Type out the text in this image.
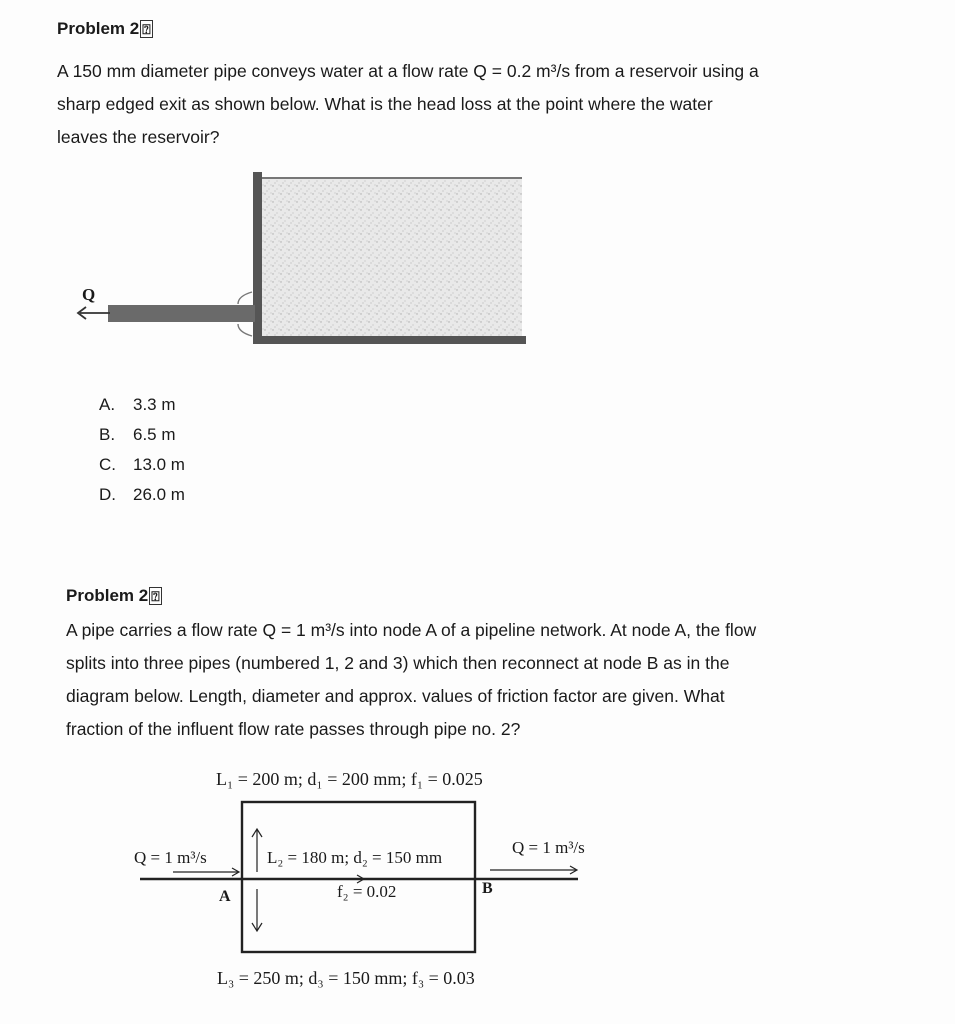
Problem 2 ⍰
A 150 mm diameter pipe conveys water at a flow rate Q = 0.2 m³/s from a reservoir using a
sharp edged exit as shown below. What is the head loss at the point where the water
leaves the reservoir?
Q
A. 3.3 m
B. 6.5 m
C. 13.0 m
D. 26.0 m
Problem 2 ⍰
A pipe carries a flow rate Q = 1 m³/s into node A of a pipeline network. At node A, the flow
splits into three pipes (numbered 1, 2 and 3) which then reconnect at node B as in the
diagram below. Length, diameter and approx. values of friction factor are given. What
fraction of the influent flow rate passes through pipe no. 2?
L₁ = 200 m; d₁ = 200 mm; f₁ = 0.025
Q = 1 m³/s	L₂ = 180 m; d₂ = 150 mm
Q = 1 m³/s
f₂ = 0.02
A	B
L₃ = 250 m; d₃ = 150 mm; f₃ = 0.03
